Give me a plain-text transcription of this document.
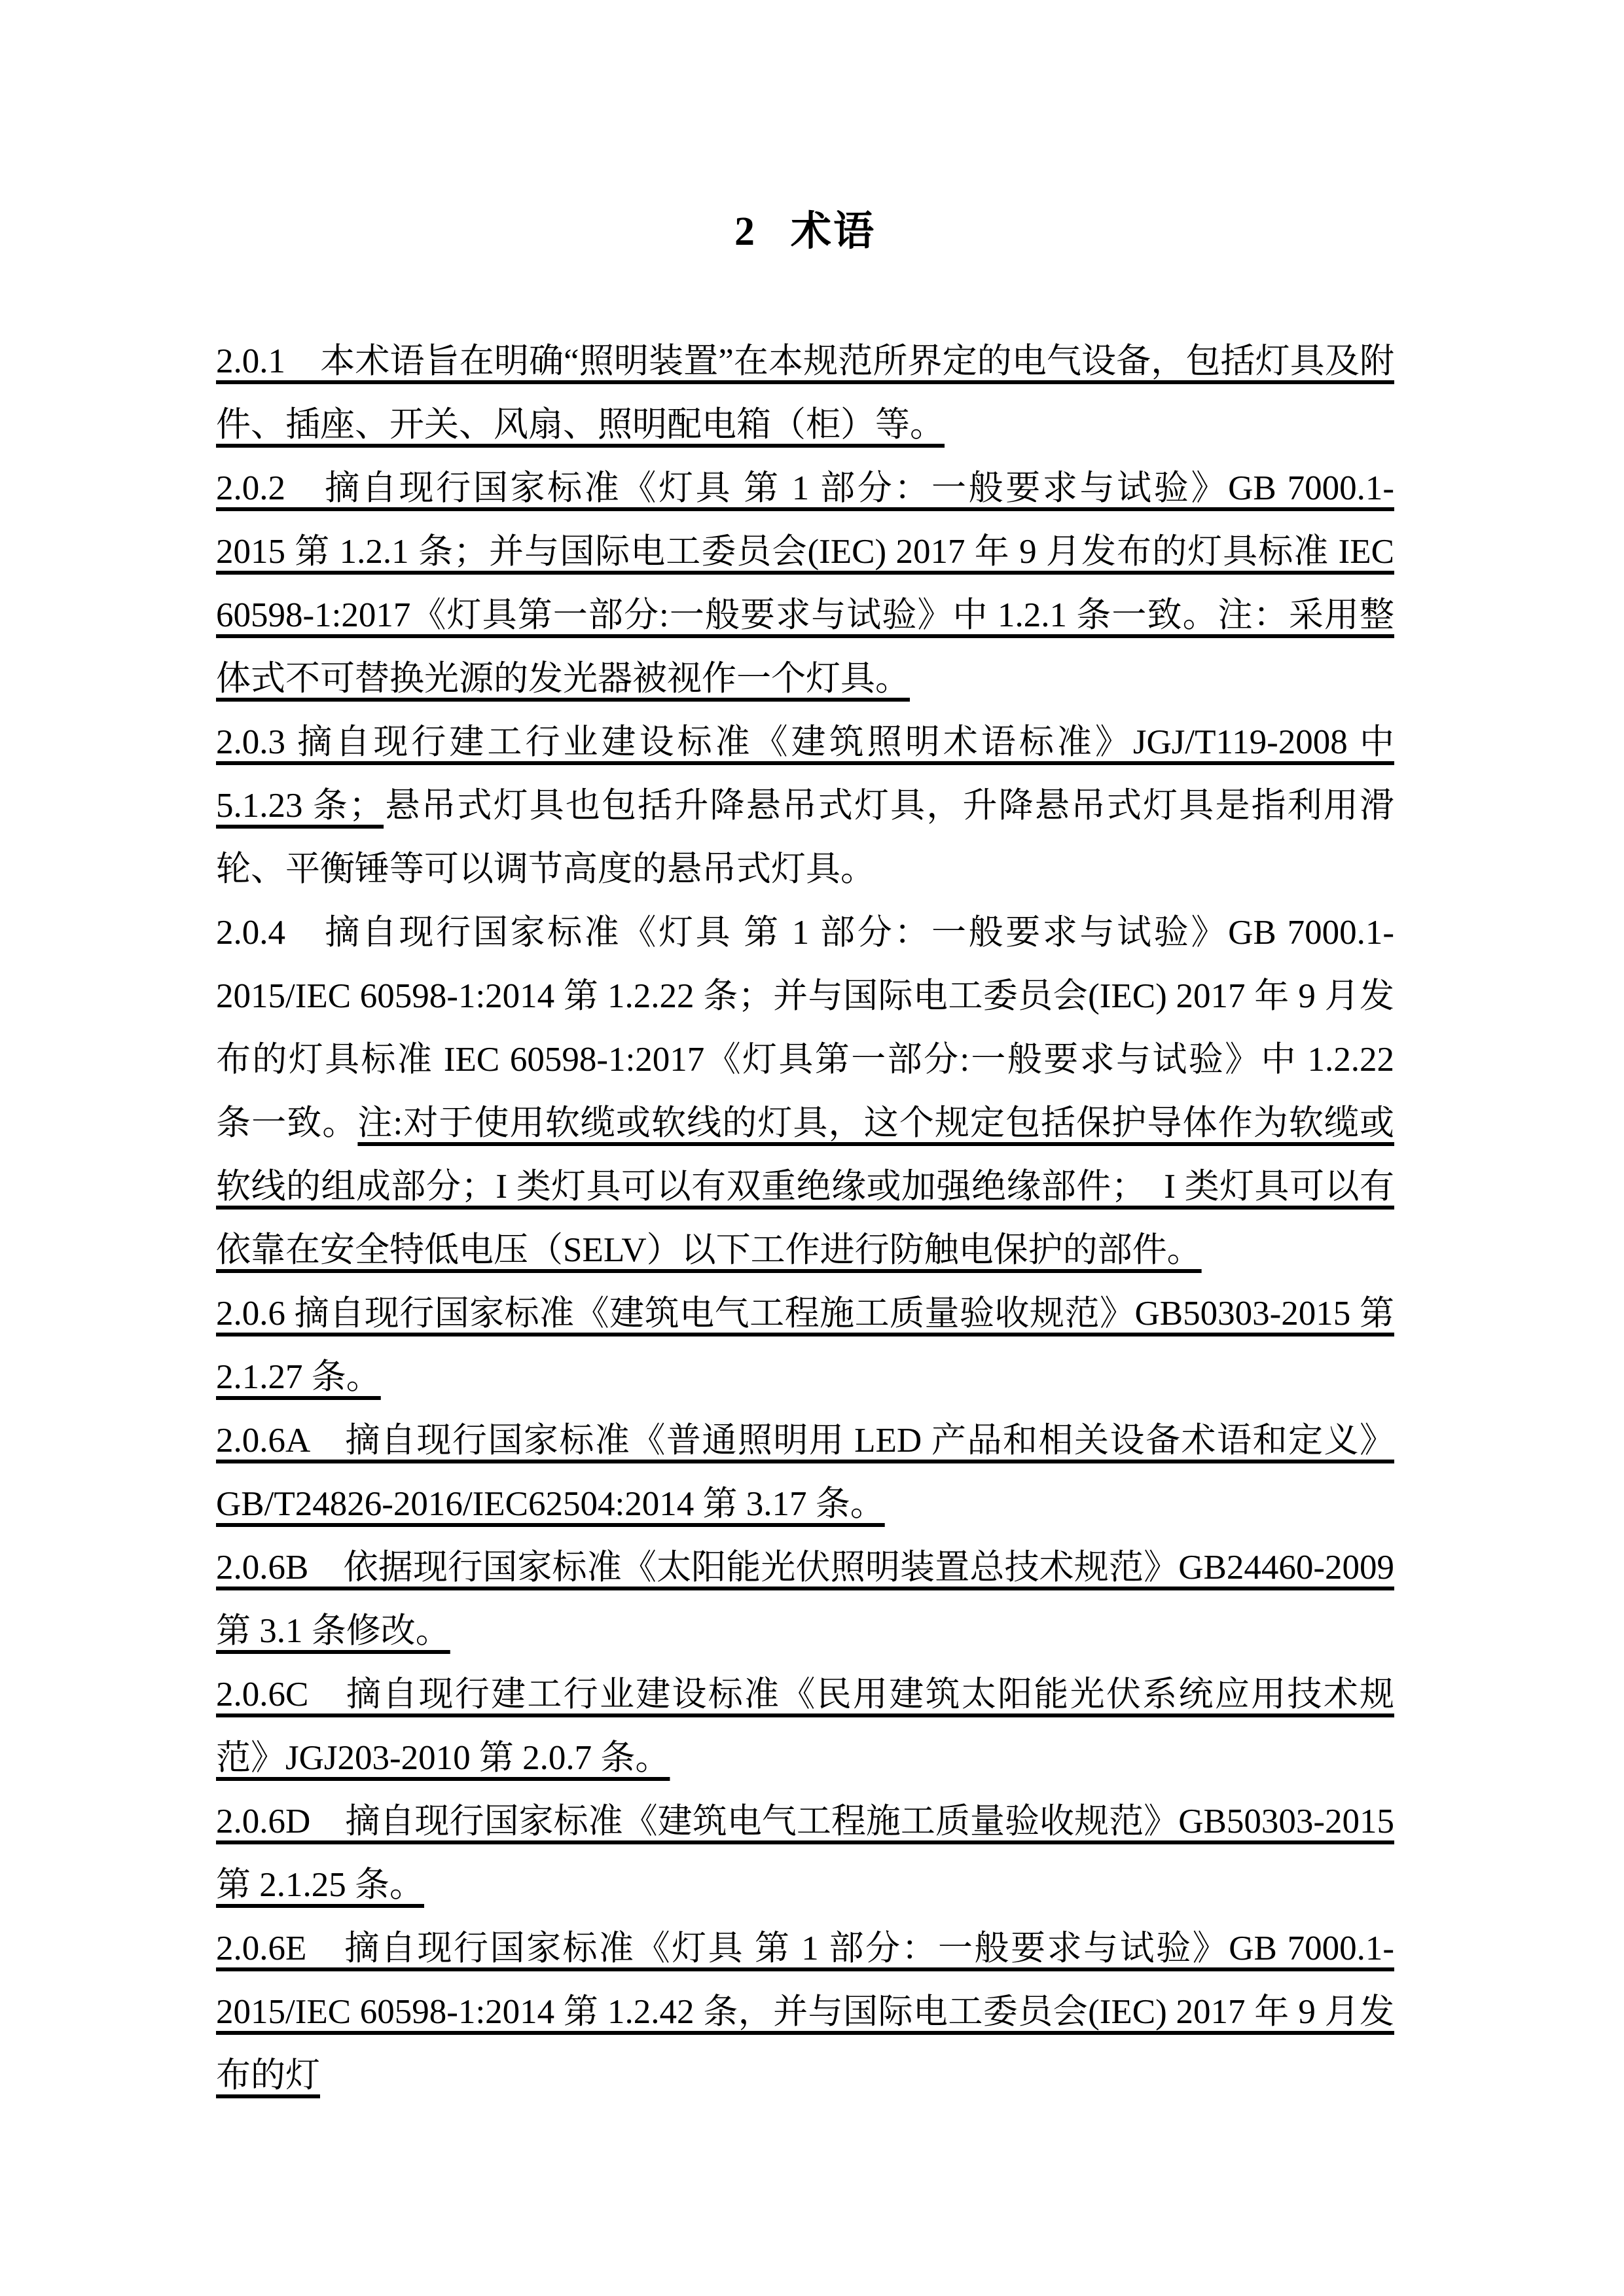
2 术语

2.0.1　本术语旨在明确“照明装置”在本规范所界定的电气设备，包括灯具及附件、插座、开关、风扇、照明配电箱（柜）等。

2.0.2　摘自现行国家标准《灯具 第 1 部分：一般要求与试验》GB 7000.1-2015 第 1.2.1 条；并与国际电工委员会(IEC) 2017 年 9 月发布的灯具标准 IEC 60598-1:2017《灯具第一部分:一般要求与试验》中 1.2.1 条一致。注：采用整体式不可替换光源的发光器被视作一个灯具。

2.0.3 摘自现行建工行业建设标准《建筑照明术语标准》JGJ/T119-2008 中 5.1.23 条；悬吊式灯具也包括升降悬吊式灯具，升降悬吊式灯具是指利用滑轮、平衡锤等可以调节高度的悬吊式灯具。

2.0.4　摘自现行国家标准《灯具 第 1 部分：一般要求与试验》GB 7000.1-2015/IEC 60598-1:2014 第 1.2.22 条；并与国际电工委员会(IEC) 2017 年 9 月发布的灯具标准 IEC 60598-1:2017《灯具第一部分:一般要求与试验》中 1.2.22 条一致。注:对于使用软缆或软线的灯具，这个规定包括保护导体作为软缆或软线的组成部分；I 类灯具可以有双重绝缘或加强绝缘部件；　I 类灯具可以有依靠在安全特低电压（SELV）以下工作进行防触电保护的部件。

2.0.6 摘自现行国家标准《建筑电气工程施工质量验收规范》GB50303-2015 第 2.1.27 条。

2.0.6A　摘自现行国家标准《普通照明用 LED 产品和相关设备术语和定义》GB/T24826-2016/IEC62504:2014 第 3.17 条。

2.0.6B　依据现行国家标准《太阳能光伏照明装置总技术规范》GB24460-2009 第 3.1 条修改。

2.0.6C　摘自现行建工行业建设标准《民用建筑太阳能光伏系统应用技术规范》JGJ203-2010 第 2.0.7 条。

2.0.6D　摘自现行国家标准《建筑电气工程施工质量验收规范》GB50303-2015 第 2.1.25 条。

2.0.6E　摘自现行国家标准《灯具 第 1 部分：一般要求与试验》GB 7000.1-2015/IEC 60598-1:2014 第 1.2.42 条，并与国际电工委员会(IEC) 2017 年 9 月发布的灯
